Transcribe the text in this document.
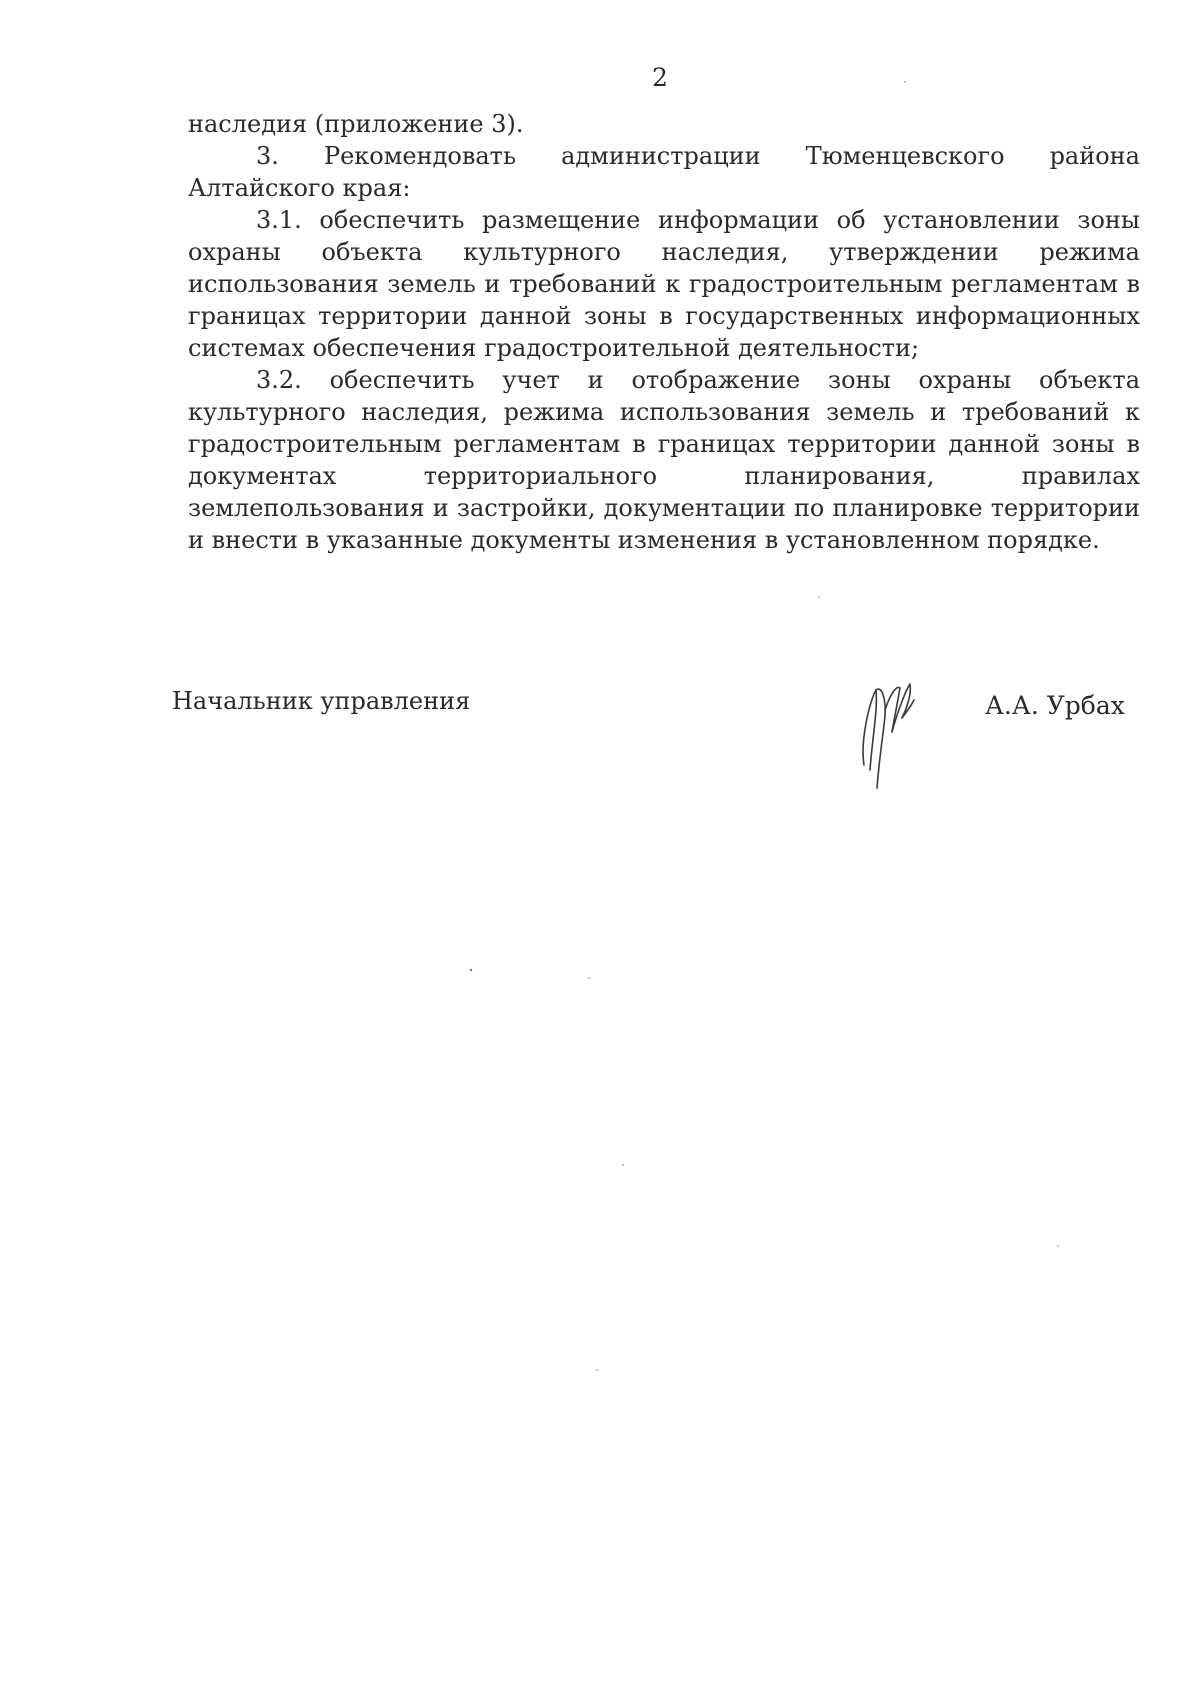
2

наследия (приложение 3).

3. Рекомендовать администрации Тюменцевского района Алтайского края:

3.1. обеспечить размещение информации об установлении зоны охраны объекта культурного наследия, утверждении режима использования земель и требований к градостроительным регламентам в границах территории данной зоны в государственных информационных системах обеспечения градостроительной деятельности;

3.2. обеспечить учет и отображение зоны охраны объекта культурного наследия, режима использования земель и требований к градостроительным регламентам в границах территории данной зоны в документах территориального планирования, правилах землепользования и застройки, документации по планировке территории и внести в указанные документы изменения в установленном порядке.

Начальник управления	А.А. Урбах
